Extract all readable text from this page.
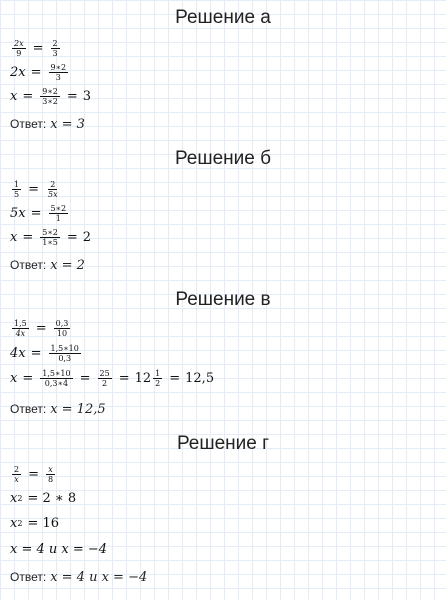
Решение а
$\frac{2x}{9} = \frac{2}{3}$
$2x = \frac{9∗2}{3}$
$x = \frac{9∗2}{3∗2} = 3$
Ответ: x = 3
Решение б
$\frac{1}{5} = \frac{2}{5x}$
$5x = \frac{5∗2}{1}$
$x = \frac{5∗2}{1∗5} = 2$
Ответ: x = 2
Решение в
$\frac{1,5}{4x} = \frac{0,3}{10}$
$4x = \frac{1,5∗10}{0,3}$
$x = \frac{1,5∗10}{0,3∗4} = \frac{25}{2} = 12 \frac{1}{2} = 12,5$
Ответ: x = 12,5
Решение г
$\frac{2}{x} = \frac{x}{8}$
x 2 = 2 ∗ 8
x 2 = 16
x = 4 и x = −4
Ответ: x = 4 и x = −4
